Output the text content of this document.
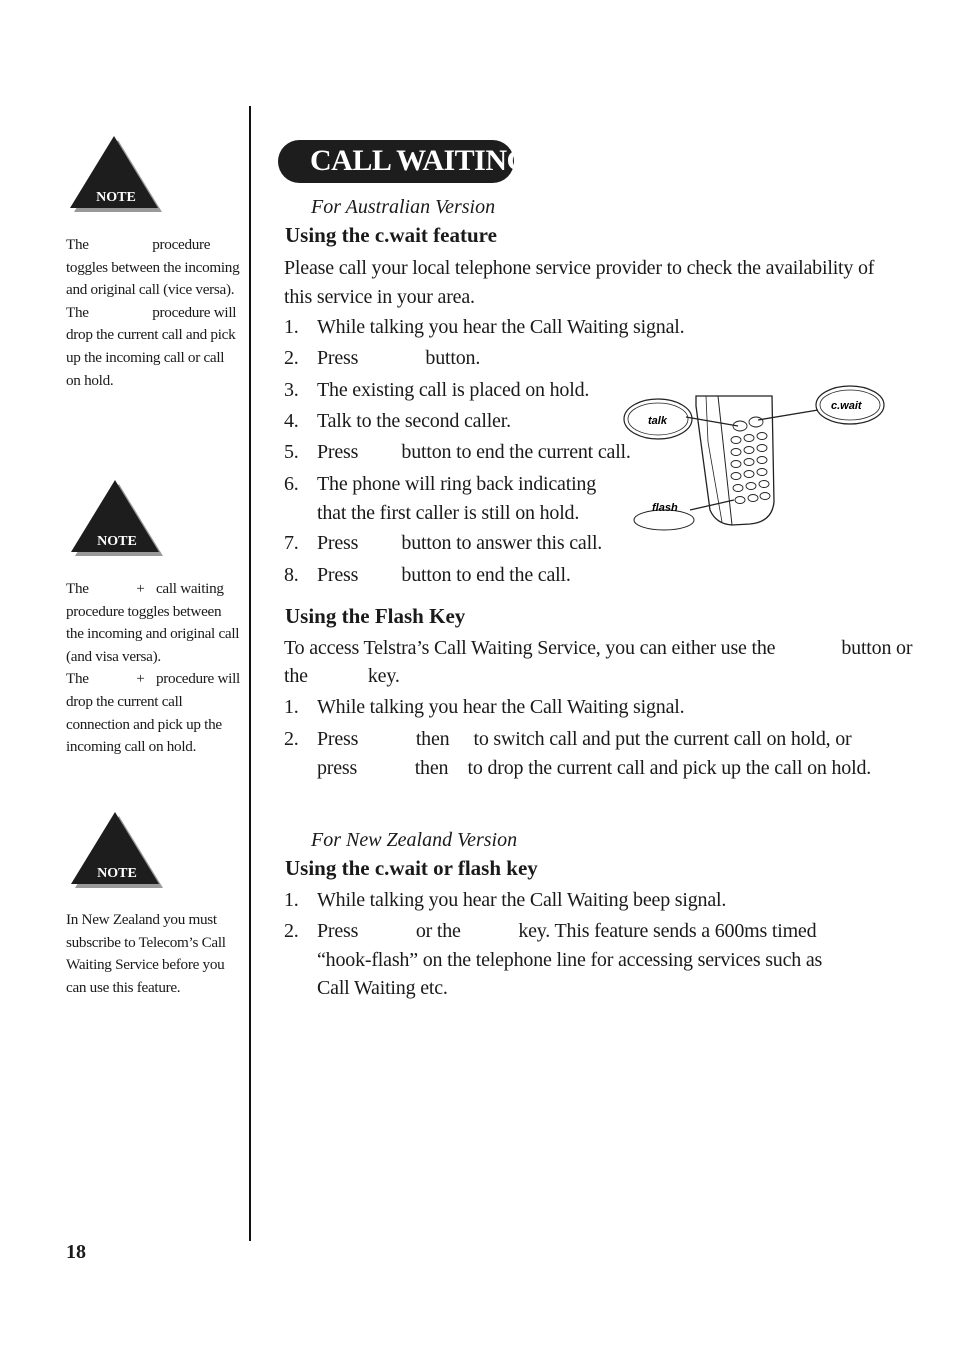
NOTE

The	procedure toggles between the incoming and original call (vice versa).

The	procedure will drop the current call and pick up the incoming call or call on hold.

NOTE

The	+ call waiting procedure toggles between the incoming and original call (and visa versa).

The	+ procedure will drop the current call connection and pick up the incoming call on hold.

NOTE

In New Zealand you must subscribe to Telecom’s Call Waiting Service before you can use this feature.

CALL WAITING
For Australian Version
Using the c.wait feature
Please call your local telephone service provider to check the availability of this service in your area.
1. While talking you hear the Call Waiting signal.
2. Press              button.
3. The existing call is placed on hold.
4. Talk to the second caller.
5. Press         button to end the current call.
6. The phone will ring back indicating
that the first caller is still on hold.
7. Press         button to answer this call.
8. Press         button to end the call.
talk
c.wait
flash
Using the Flash Key
To access Telstra’s Call Waiting Service, you can either use the	button or
the	key.
1. While talking you hear the Call Waiting signal.
2. Press            then     to switch call and put the current call on hold, or
press            then    to drop the current call and pick up the call on hold.
For New Zealand Version
Using the c.wait or flash key
1. While talking you hear the Call Waiting beep signal.
2. Press            or the            key. This feature sends a 600ms timed
“hook-flash” on the telephone line for accessing services such as
Call Waiting etc.
18
